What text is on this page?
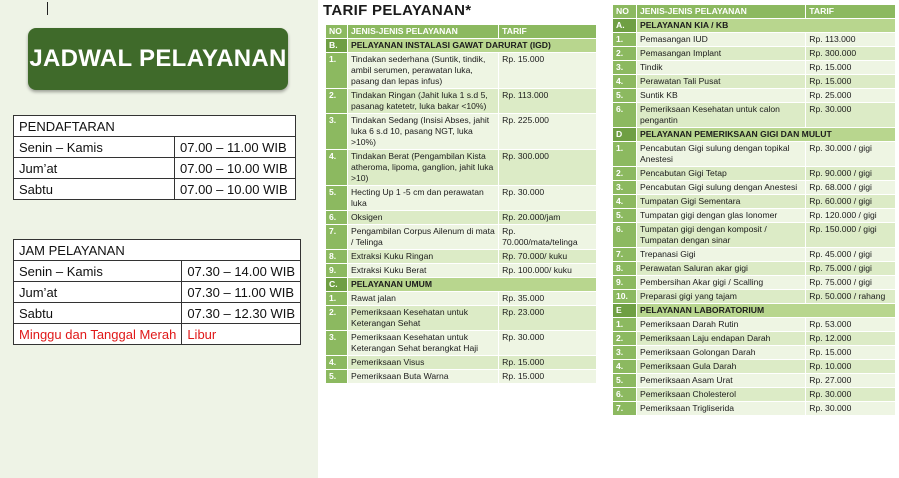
JADWAL PELAYANAN
PENDAFTARAN	
Senin – Kamis	07.00 – 11.00 WIB
Jum’at	07.00 – 10.00 WIB
Sabtu	07.00 – 10.00 WIB
JAM PELAYANAN	
Senin – Kamis	07.30 – 14.00 WIB
Jum’at	07.30 – 11.00 WIB
Sabtu	07.30 – 12.30 WIB
Minggu dan Tanggal Merah	Libur
TARIF PELAYANAN*
NO	JENIS-JENIS PELAYANAN	TARIF
B.	PELAYANAN INSTALASI GAWAT DARURAT (IGD)	
1.	Tindakan sederhana (Suntik, tindik, ambil serumen, perawatan luka, pasang dan lepas infus)	Rp. 15.000
2.	Tindakan Ringan (Jahit luka 1 s.d 5, pasanag katetetr, luka bakar <10%)	Rp. 113.000
3.	Tindakan Sedang (Insisi Abses, jahit luka 6 s.d 10, pasang NGT, luka >10%)	Rp. 225.000
4.	Tindakan Berat (Pengambilan Kista atheroma, lipoma, ganglion, jahit luka >10)	Rp. 300.000
5.	Hecting Up 1 -5 cm dan perawatan luka	Rp. 30.000
6.	Oksigen	Rp. 20.000/jam
7.	Pengambilan Corpus Ailenum di mata / Telinga	Rp. 70.000/mata/telinga
8.	Extraksi Kuku Ringan	Rp. 70.000/ kuku
9.	Extraksi Kuku Berat	Rp. 100.000/ kuku
C.	PELAYANAN UMUM	
1.	Rawat jalan	Rp. 35.000
2.	Pemeriksaan Kesehatan untuk Keterangan Sehat	Rp. 23.000
3.	Pemeriksaan Kesehatan untuk Keterangan Sehat berangkat Haji	Rp. 30.000
4.	Pemeriksaan Visus	Rp. 15.000
5.	Pemeriksaan Buta Warna	Rp. 15.000
NO	JENIS-JENIS PELAYANAN	TARIF
A.	PELAYANAN KIA / KB	
1.	Pemasangan IUD	Rp. 113.000
2.	Pemasangan Implant	Rp. 300.000
3.	Tindik	Rp. 15.000
4.	Perawatan Tali Pusat	Rp. 15.000
5.	Suntik KB	Rp. 25.000
6.	Pemeriksaan Kesehatan untuk calon pengantin	Rp. 30.000
D	PELAYANAN PEMERIKSAAN GIGI DAN MULUT	
1.	Pencabutan Gigi sulung dengan topikal Anestesi	Rp. 30.000 / gigi
2.	Pencabutan Gigi Tetap	Rp. 90.000 / gigi
3.	Pencabutan Gigi sulung dengan Anestesi	Rp. 68.000 / gigi
4.	Tumpatan Gigi Sementara	Rp. 60.000 / gigi
5.	Tumpatan gigi dengan glas Ionomer	Rp. 120.000 / gigi
6.	Tumpatan gigi dengan komposit / Tumpatan dengan sinar	Rp. 150.000 / gigi
7.	Trepanasi Gigi	Rp. 45.000 / gigi
8.	Perawatan Saluran akar gigi	Rp. 75.000 / gigi
9.	Pembersihan Akar gigi / Scalling	Rp. 75.000 / gigi
10.	Preparasi gigi yang tajam	Rp. 50.000 / rahang
E	PELAYANAN LABORATORIUM	
1.	Pemeriksaan Darah Rutin	Rp. 53.000
2.	Pemeriksaan Laju endapan Darah	Rp. 12.000
3.	Pemeriksaan Golongan Darah	Rp. 15.000
4.	Pemeriksaan Gula Darah	Rp. 10.000
5.	Pemeriksaan Asam Urat	Rp. 27.000
6.	Pemeriksaan Cholesterol	Rp. 30.000
7.	Pemeriksaan Trigliserida	Rp. 30.000
